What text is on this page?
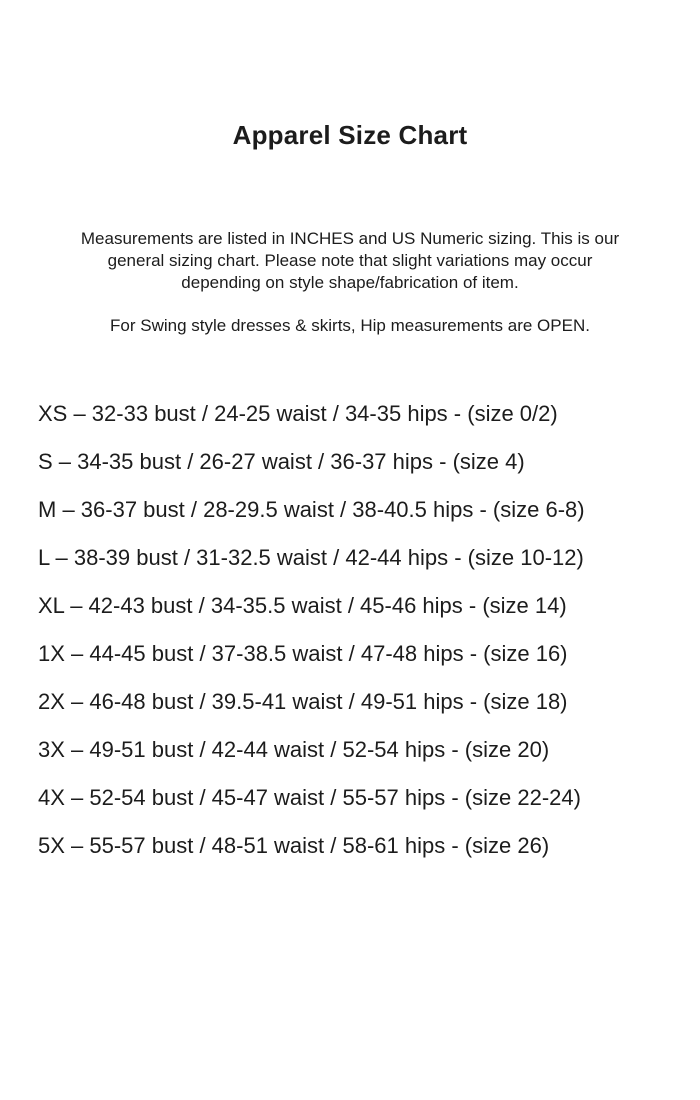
Apparel Size Chart
Measurements are listed in INCHES and US Numeric sizing. This is our
general sizing chart. Please note that slight variations may occur
depending on style shape/fabrication of item.
For Swing style dresses & skirts, Hip measurements are OPEN.
XS – 32-33 bust / 24-25 waist / 34-35 hips - (size 0/2)
S – 34-35 bust / 26-27 waist / 36-37 hips - (size 4)
M – 36-37 bust / 28-29.5 waist / 38-40.5 hips - (size 6-8)
L – 38-39 bust / 31-32.5 waist / 42-44 hips - (size 10-12)
XL – 42-43 bust / 34-35.5 waist / 45-46 hips - (size 14)
1X – 44-45 bust / 37-38.5 waist / 47-48 hips - (size 16)
2X – 46-48 bust / 39.5-41 waist / 49-51 hips - (size 18)
3X – 49-51 bust / 42-44 waist / 52-54 hips - (size 20)
4X – 52-54 bust / 45-47 waist / 55-57 hips - (size 22-24)
5X – 55-57 bust / 48-51 waist / 58-61 hips - (size 26)
